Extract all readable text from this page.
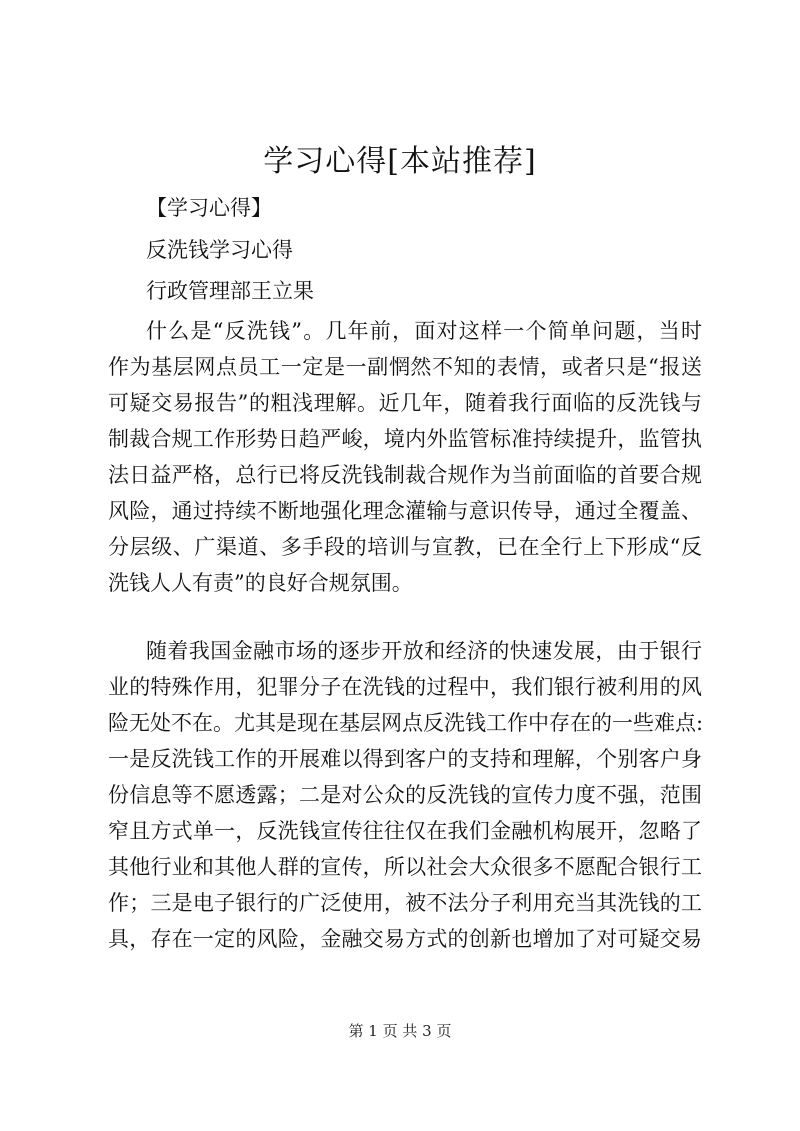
学习心得[本站推荐]
【学习心得】
反洗钱学习心得
行政管理部王立果
什么是“反洗钱”。几年前，面对这样一个简单问题，当时
作为基层网点员工一定是一副惘然不知的表情，或者只是“报送
可疑交易报告”的粗浅理解。近几年，随着我行面临的反洗钱与
制裁合规工作形势日趋严峻，境内外监管标准持续提升，监管执
法日益严格，总行已将反洗钱制裁合规作为当前面临的首要合规
风险，通过持续不断地强化理念灌输与意识传导，通过全覆盖、
分层级、广渠道、多手段的培训与宣教，已在全行上下形成“反
洗钱人人有责”的良好合规氛围。
随着我国金融市场的逐步开放和经济的快速发展，由于银行
业的特殊作用，犯罪分子在洗钱的过程中，我们银行被利用的风
险无处不在。尤其是现在基层网点反洗钱工作中存在的一些难点:
一是反洗钱工作的开展难以得到客户的支持和理解，个别客户身
份信息等不愿透露；二是对公众的反洗钱的宣传力度不强，范围
窄且方式单一，反洗钱宣传往往仅在我们金融机构展开，忽略了
其他行业和其他人群的宣传，所以社会大众很多不愿配合银行工
作；三是电子银行的广泛使用，被不法分子利用充当其洗钱的工
具，存在一定的风险，金融交易方式的创新也增加了对可疑交易
第 1 页 共 3 页
